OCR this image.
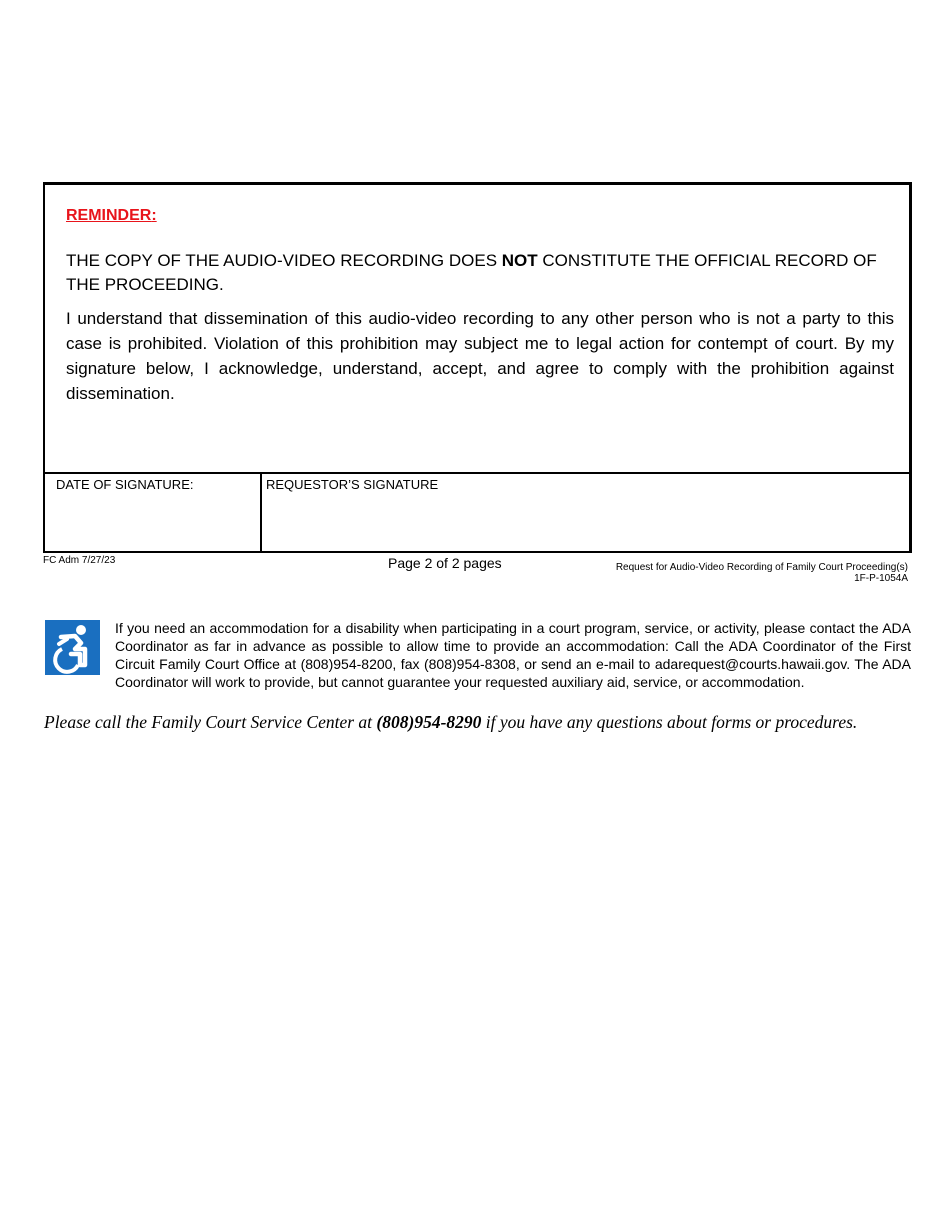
REMINDER:
THE COPY OF THE AUDIO-VIDEO RECORDING DOES NOT CONSTITUTE THE OFFICIAL RECORD OF THE PROCEEDING.
I understand that dissemination of this audio-video recording to any other person who is not a party to this case is prohibited. Violation of this prohibition may subject me to legal action for contempt of court. By my signature below, I acknowledge, understand, accept, and agree to comply with the prohibition against dissemination.
DATE OF SIGNATURE:	REQUESTOR’S SIGNATURE
FC Adm 7/27/23	Page 2 of 2 pages	Request for Audio-Video Recording of Family Court Proceeding(s)
1F-P-1054A
If you need an accommodation for a disability when participating in a court program, service, or activity, please contact the ADA Coordinator as far in advance as possible to allow time to provide an accommodation: Call the ADA Coordinator of the First Circuit Family Court Office at (808)954-8200, fax (808)954-8308, or send an e-mail to adarequest@courts.hawaii.gov. The ADA Coordinator will work to provide, but cannot guarantee your requested auxiliary aid, service, or accommodation.
Please call the Family Court Service Center at (808)954-8290 if you have any questions about forms or procedures.
